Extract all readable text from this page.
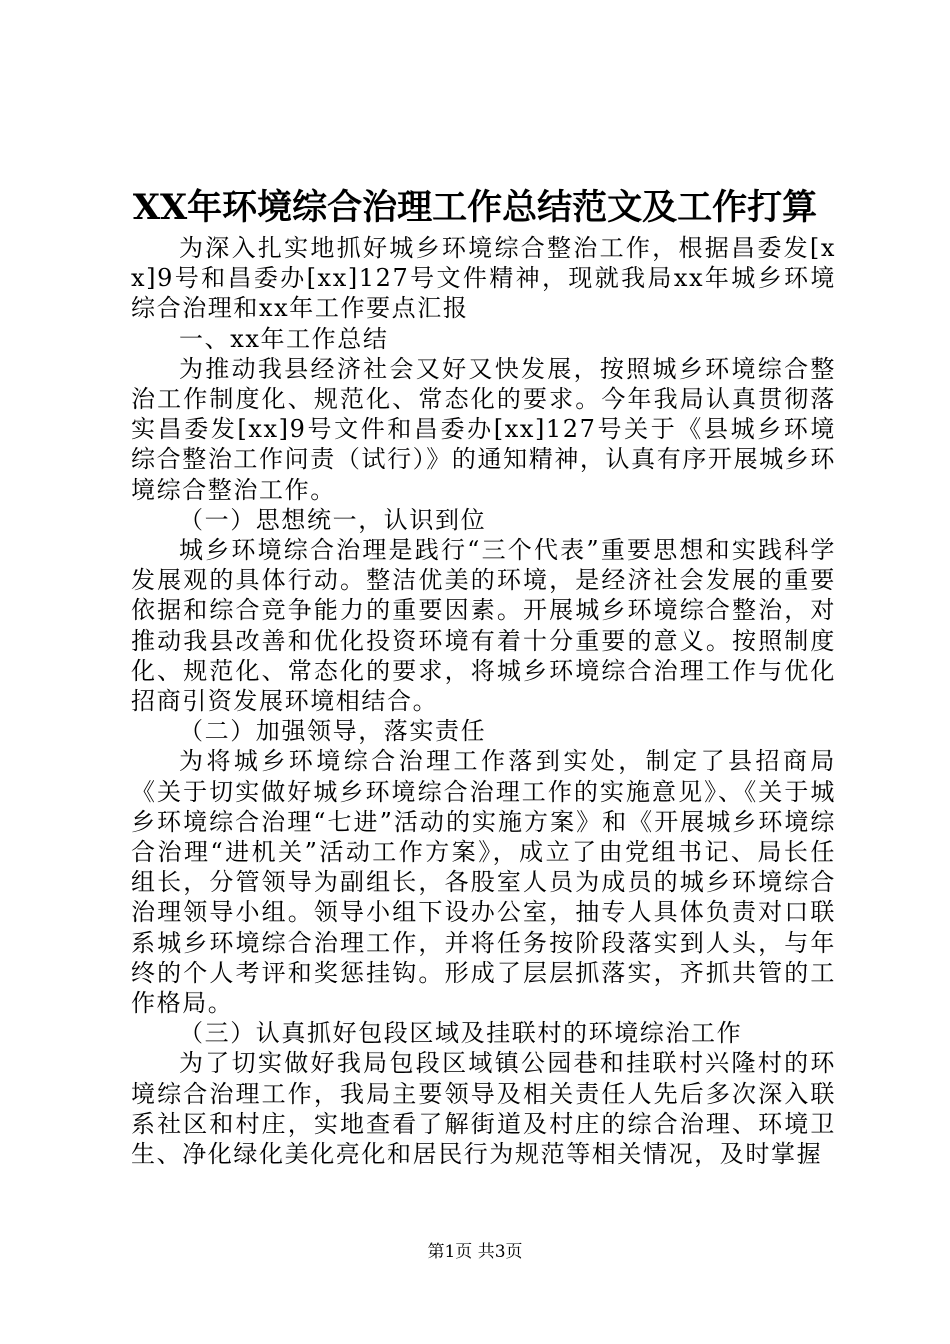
XX年环境综合治理工作总结范文及工作打算

为深入扎实地抓好城乡环境综合整治工作，根据昌委发[xx]9号和昌委办[xx]127号文件精神，现就我局xx年城乡环境综合治理和xx年工作要点汇报

一、xx年工作总结

为推动我县经济社会又好又快发展，按照城乡环境综合整治工作制度化、规范化、常态化的要求。今年我局认真贯彻落实昌委发[xx]9号文件和昌委办[xx]127号关于《县城乡环境综合整治工作问责（试行）》的通知精神，认真有序开展城乡环境综合整治工作。

（一）思想统一，认识到位

城乡环境综合治理是践行“三个代表”重要思想和实践科学发展观的具体行动。整洁优美的环境，是经济社会发展的重要依据和综合竞争能力的重要因素。开展城乡环境综合整治，对推动我县改善和优化投资环境有着十分重要的意义。按照制度化、规范化、常态化的要求，将城乡环境综合治理工作与优化招商引资发展环境相结合。

（二）加强领导，落实责任

为将城乡环境综合治理工作落到实处，制定了县招商局《关于切实做好城乡环境综合治理工作的实施意见》、《关于城乡环境综合治理“七进”活动的实施方案》和《开展城乡环境综合治理“进机关”活动工作方案》，成立了由党组书记、局长任组长，分管领导为副组长，各股室人员为成员的城乡环境综合治理领导小组。领导小组下设办公室，抽专人具体负责对口联系城乡环境综合治理工作，并将任务按阶段落实到人头，与年终的个人考评和奖惩挂钩。形成了层层抓落实，齐抓共管的工作格局。

（三）认真抓好包段区域及挂联村的环境综治工作

为了切实做好我局包段区域镇公园巷和挂联村兴隆村的环境综合治理工作，我局主要领导及相关责任人先后多次深入联系社区和村庄，实地查看了解街道及村庄的综合治理、环境卫生、净化绿化美化亮化和居民行为规范等相关情况，及时掌握

第1页 共3页
